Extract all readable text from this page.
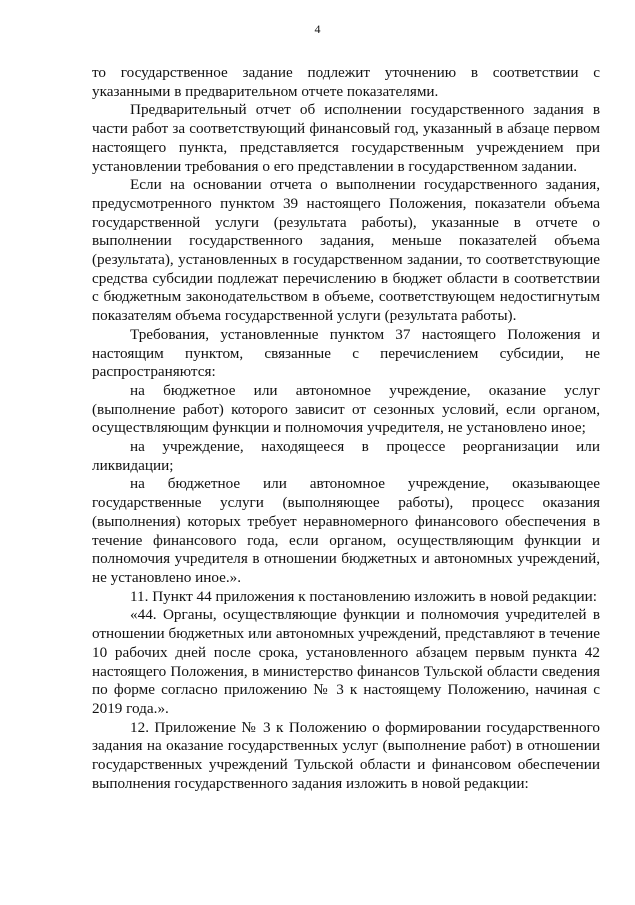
4

то государственное задание подлежит уточнению в соответствии с указанными в предварительном отчете показателями.

Предварительный отчет об исполнении государственного задания в части работ за соответствующий финансовый год, указанный в абзаце первом настоящего пункта, представляется государственным учреждением при установлении требования о его представлении в государственном задании.

Если на основании отчета о выполнении государственного задания, предусмотренного пунктом 39 настоящего Положения, показатели объема государственной услуги (результата работы), указанные в отчете о выполнении государственного задания, меньше показателей объема (результата), установленных в государственном задании, то соответствующие средства субсидии подлежат перечислению в бюджет области в соответствии с бюджетным законодательством в объеме, соответствующем недостигнутым показателям объема государственной услуги (результата работы).

Требования, установленные пунктом 37 настоящего Положения и настоящим пунктом, связанные с перечислением субсидии, не распространяются:

на бюджетное или автономное учреждение, оказание услуг (выполнение работ) которого зависит от сезонных условий, если органом, осуществляющим функции и полномочия учредителя, не установлено иное;

на учреждение, находящееся в процессе реорганизации или ликвидации;

на бюджетное или автономное учреждение, оказывающее государственные услуги (выполняющее работы), процесс оказания (выполнения) которых требует неравномерного финансового обеспечения в течение финансового года, если органом, осуществляющим функции и полномочия учредителя в отношении бюджетных и автономных учреждений, не установлено иное.».

11. Пункт 44 приложения к постановлению изложить в новой редакции:

«44. Органы, осуществляющие функции и полномочия учредителей в отношении бюджетных или автономных учреждений, представляют в течение 10 рабочих дней после срока, установленного абзацем первым пункта 42 настоящего Положения, в министерство финансов Тульской области сведения по форме согласно приложению № 3 к настоящему Положению, начиная с 2019 года.».

12. Приложение № 3 к Положению о формировании государственного задания на оказание государственных услуг (выполнение работ) в отношении государственных учреждений Тульской области и финансовом обеспечении выполнения государственного задания изложить в новой редакции:
